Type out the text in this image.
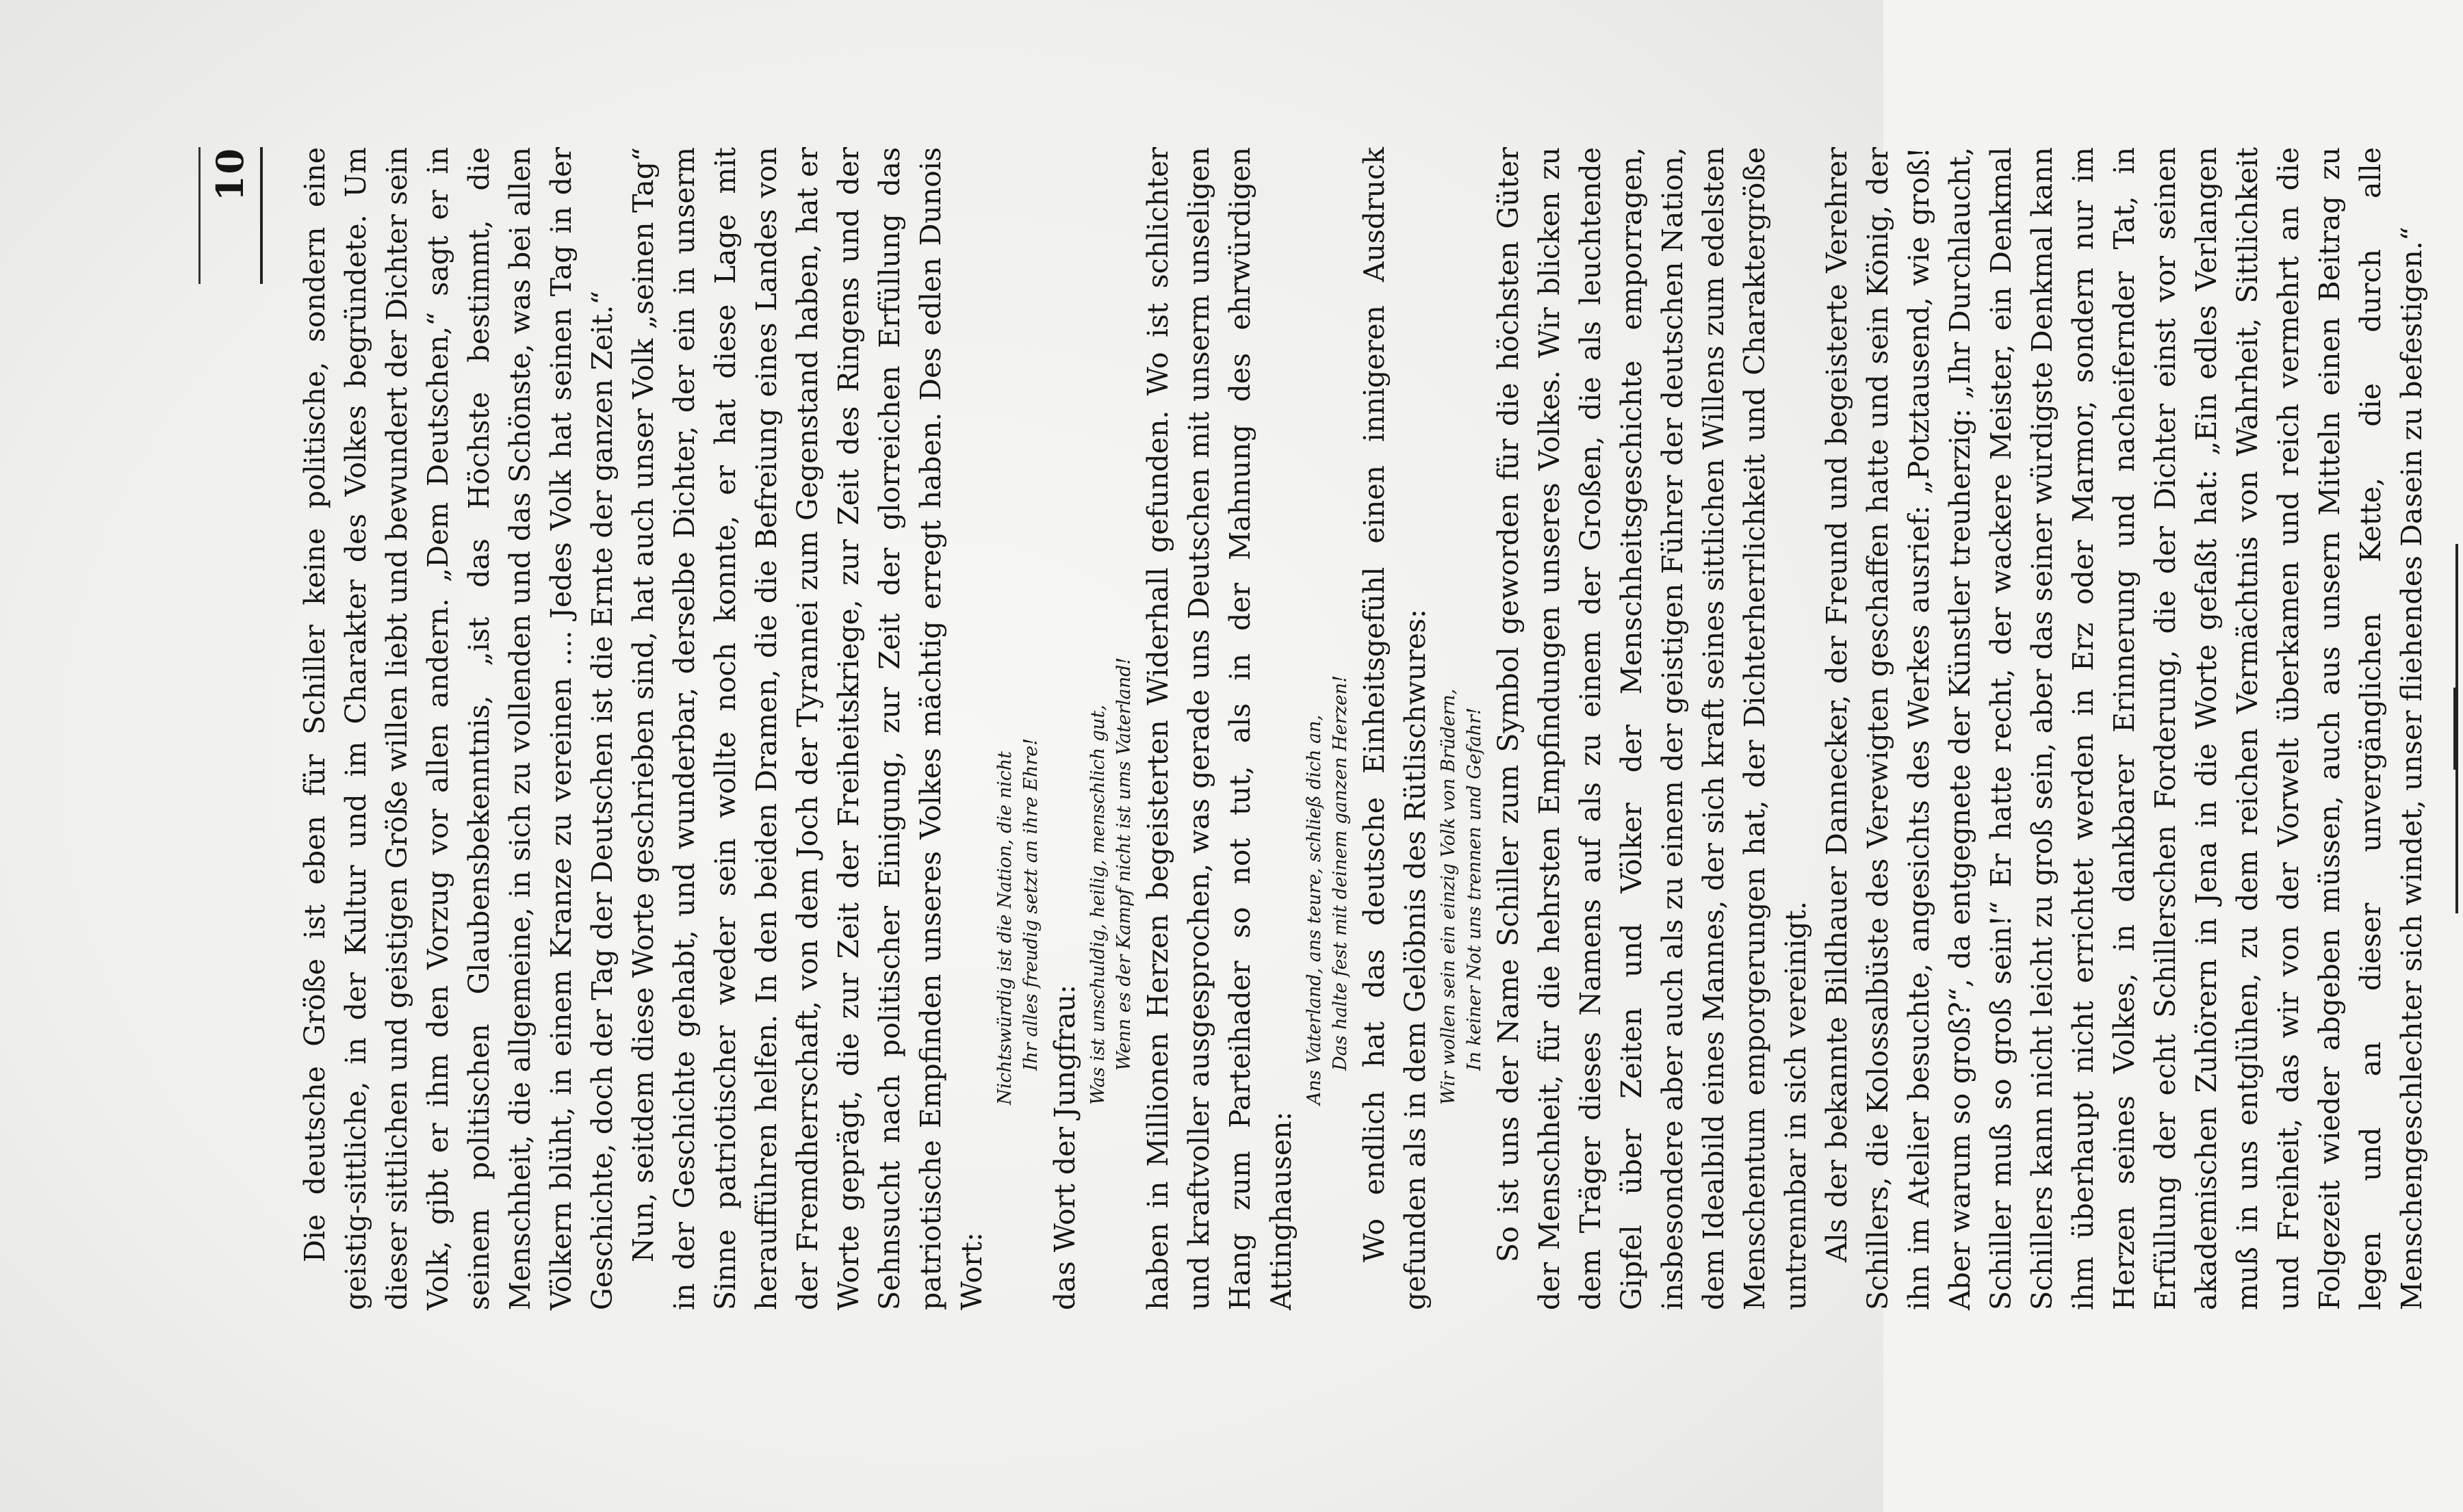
10 Die deutsche Größe ist eben für Schiller keine politische, sondern eine geistig-sittliche, in der Kultur und im Charakter des Volkes begründete. Um dieser sittlichen und geistigen Größe willen liebt und bewundert der Dichter sein Volk, gibt er ihm den Vorzug vor allen andern. „Dem Deutschen,“ sagt er in seinem politischen Glaubensbekenntnis, „ist das Höchste bestimmt, die Menschheit, die allgemeine, in sich zu vollenden und das Schönste, was bei allen Völkern blüht, in einem Kranze zu vereinen .... Jedes Volk hat seinen Tag in der Geschichte, doch der Tag der Deutschen ist die Ernte der ganzen Zeit.“ Nun, seitdem diese Worte geschrieben sind, hat auch unser Volk „seinen Tag“ in der Geschichte gehabt, und wunderbar, derselbe Dichter, der ein in unserm Sinne patriotischer weder sein wollte noch konnte, er hat diese Lage mit heraufführen helfen. In den beiden Dramen, die die Befreiung eines Landes von der Fremdherrschaft, von dem Joch der Tyrannei zum Gegenstand haben, hat er Worte geprägt, die zur Zeit der Freiheitskriege, zur Zeit des Ringens und der Sehnsucht nach politischer Einigung, zur Zeit der glorreichen Erfüllung das patriotische Empfinden unseres Volkes mächtig erregt haben. Des edlen Dunois Wort:

Nichtswürdig ist die Nation, die nicht Ihr alles freudig setzt an ihre Ehre!

das Wort der Jungfrau:

Was ist unschuldig, heilig, menschlich gut, Wenn es der Kampf nicht ist ums Vaterland! haben in Millionen Herzen begeisterten Widerhall gefunden. Wo ist schlichter und kraftvoller ausgesprochen, was gerade uns Deutschen mit unserm unseligen Hang zum Parteihader so not tut, als in der Mahnung des ehrwürdigen Attinghausen:

Ans Vaterland, ans teure, schließ dich an, Das halte fest mit deinem ganzen Herzen! Wo endlich hat das deutsche Einheitsgefühl einen innigeren Ausdruck gefunden als in dem Gelöbnis des Rütlischwures: Wir wollen sein ein einzig Volk von Brüdern, In keiner Not uns trennen und Gefahr! So ist uns der Name Schiller zum Symbol geworden für die höchsten Güter der Menschheit, für die hehrsten Empfindungen unseres Volkes. Wir blicken zu dem Träger dieses Namens auf als zu einem der Großen, die als leuchtende Gipfel über Zeiten und Völker der Menschheitsgeschichte emporragen, insbesondere aber auch als zu einem der geistigen Führer der deutschen Nation, dem Idealbild eines Mannes, der sich kraft seines sittlichen Willens zum edelsten Menschentum emporgerungen hat, der Dichterherrlichkeit und Charaktergröße untrennbar in sich vereinigt. Als der bekannte Bildhauer Dannecker, der Freund und begeisterte Verehrer Schillers, die Kolossalbüste des Verewigten geschaffen hatte und sein König, der ihn im Atelier besuchte, angesichts des Werkes ausrief: „Potztausend, wie groß! Aber warum so groß?“, da entgegnete der Künstler treuherzig: „Ihr Durchlaucht, Schiller muß so groß sein!“ Er hatte recht, der wackere Meister, ein Denkmal Schillers kann nicht leicht zu groß sein, aber das seiner würdigste Denkmal kann ihm überhaupt nicht errichtet werden in Erz oder Marmor, sondern nur im Herzen seines Volkes, in dankbarer Erinnerung und nacheifernder Tat, in Erfüllung der echt Schillerschen Forderung, die der Dichter einst vor seinen akademischen Zuhörern in Jena in die Worte gefaßt hat: „Ein edles Verlangen muß in uns entglühen, zu dem reichen Vermächtnis von Wahrheit, Sittlichkeit und Freiheit, das wir von der Vorwelt überkamen und reich vermehrt an die Folgezeit wieder abgeben müssen, auch aus unsern Mitteln einen Beitrag zu legen und an dieser unvergänglichen Kette, die durch alle Menschengeschlechter sich windet, unser fliehendes Dasein zu befestigen.“
